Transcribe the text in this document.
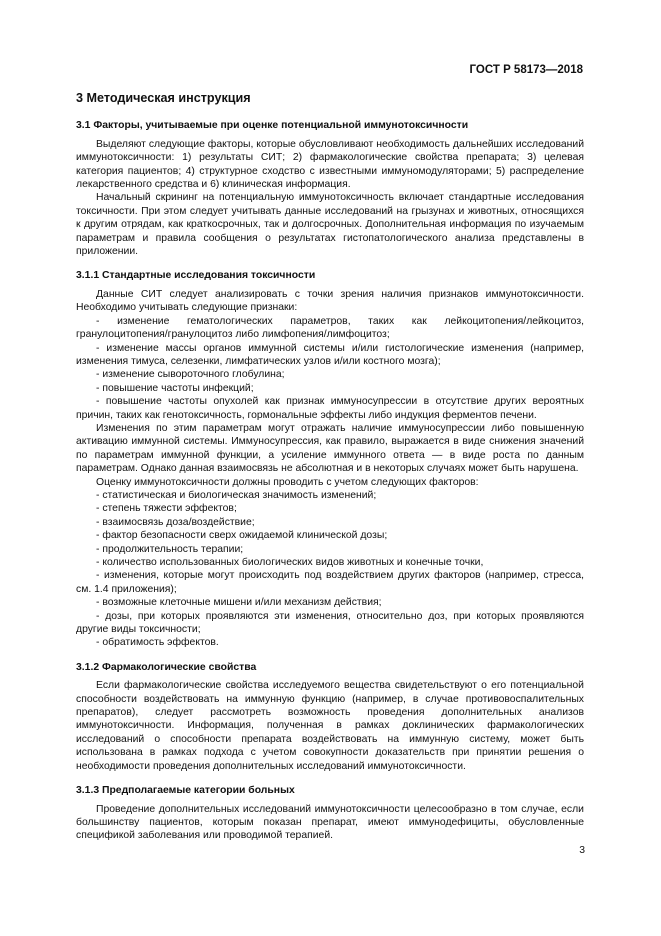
ГОСТ Р 58173—2018
3 Методическая инструкция
3.1 Факторы, учитываемые при оценке потенциальной иммунотоксичности

Выделяют следующие факторы, которые обусловливают необходимость дальнейших исследований иммунотоксичности: 1) результаты СИТ; 2) фармакологические свойства препарата; 3) целевая категория пациентов; 4) структурное сходство с известными иммуномодуляторами; 5) распределение лекарственного средства и 6) клиническая информация.

Начальный скрининг на потенциальную иммунотоксичность включает стандартные исследования токсичности. При этом следует учитывать данные исследований на грызунах и животных, относящихся к другим отрядам, как краткосрочных, так и долгосрочных. Дополнительная информация по изучаемым параметрам и правила сообщения о результатах гистопатологического анализа представлены в приложении.

3.1.1 Стандартные исследования токсичности

Данные СИТ следует анализировать с точки зрения наличия признаков иммунотоксичности. Необходимо учитывать следующие признаки:

- изменение гематологических параметров, таких как лейкоцитопения/лейкоцитоз, гранулоцитопения/гранулоцитоз либо лимфопения/лимфоцитоз;
- изменение массы органов иммунной системы и/или гистологические изменения (например, изменения тимуса, селезенки, лимфатических узлов и/или костного мозга);
- изменение сывороточного глобулина;
- повышение частоты инфекций;
- повышение частоты опухолей как признак иммуносупрессии в отсутствие других вероятных причин, таких как генотоксичность, гормональные эффекты либо индукция ферментов печени.

Изменения по этим параметрам могут отражать наличие иммуносупрессии либо повышенную активацию иммунной системы. Иммуносупрессия, как правило, выражается в виде снижения значений по параметрам иммунной функции, а усиление иммунного ответа — в виде роста по данным параметрам. Однако данная взаимосвязь не абсолютная и в некоторых случаях может быть нарушена.

Оценку иммунотоксичности должны проводить с учетом следующих факторов:

- статистическая и биологическая значимость изменений;
- степень тяжести эффектов;
- взаимосвязь доза/воздействие;
- фактор безопасности сверх ожидаемой клинической дозы;
- продолжительность терапии;
- количество использованных биологических видов животных и конечные точки,
- изменения, которые могут происходить под воздействием других факторов (например, стресса, см. 1.4 приложения);
- возможные клеточные мишени и/или механизм действия;
- дозы, при которых проявляются эти изменения, относительно доз, при которых проявляются другие виды токсичности;
- обратимость эффектов.
3.1.2 Фармакологические свойства

Если фармакологические свойства исследуемого вещества свидетельствуют о его потенциальной способности воздействовать на иммунную функцию (например, в случае противовоспалительных препаратов), следует рассмотреть возможность проведения дополнительных анализов иммунотоксичности. Информация, полученная в рамках доклинических фармакологических исследований о способности препарата воздействовать на иммунную систему, может быть использована в рамках подхода с учетом совокупности доказательств при принятии решения о необходимости проведения дополнительных исследований иммунотоксичности.

3.1.3 Предполагаемые категории больных

Проведение дополнительных исследований иммунотоксичности целесообразно в том случае, если большинству пациентов, которым показан препарат, имеют иммунодефициты, обусловленные спецификой заболевания или проводимой терапией.

3
